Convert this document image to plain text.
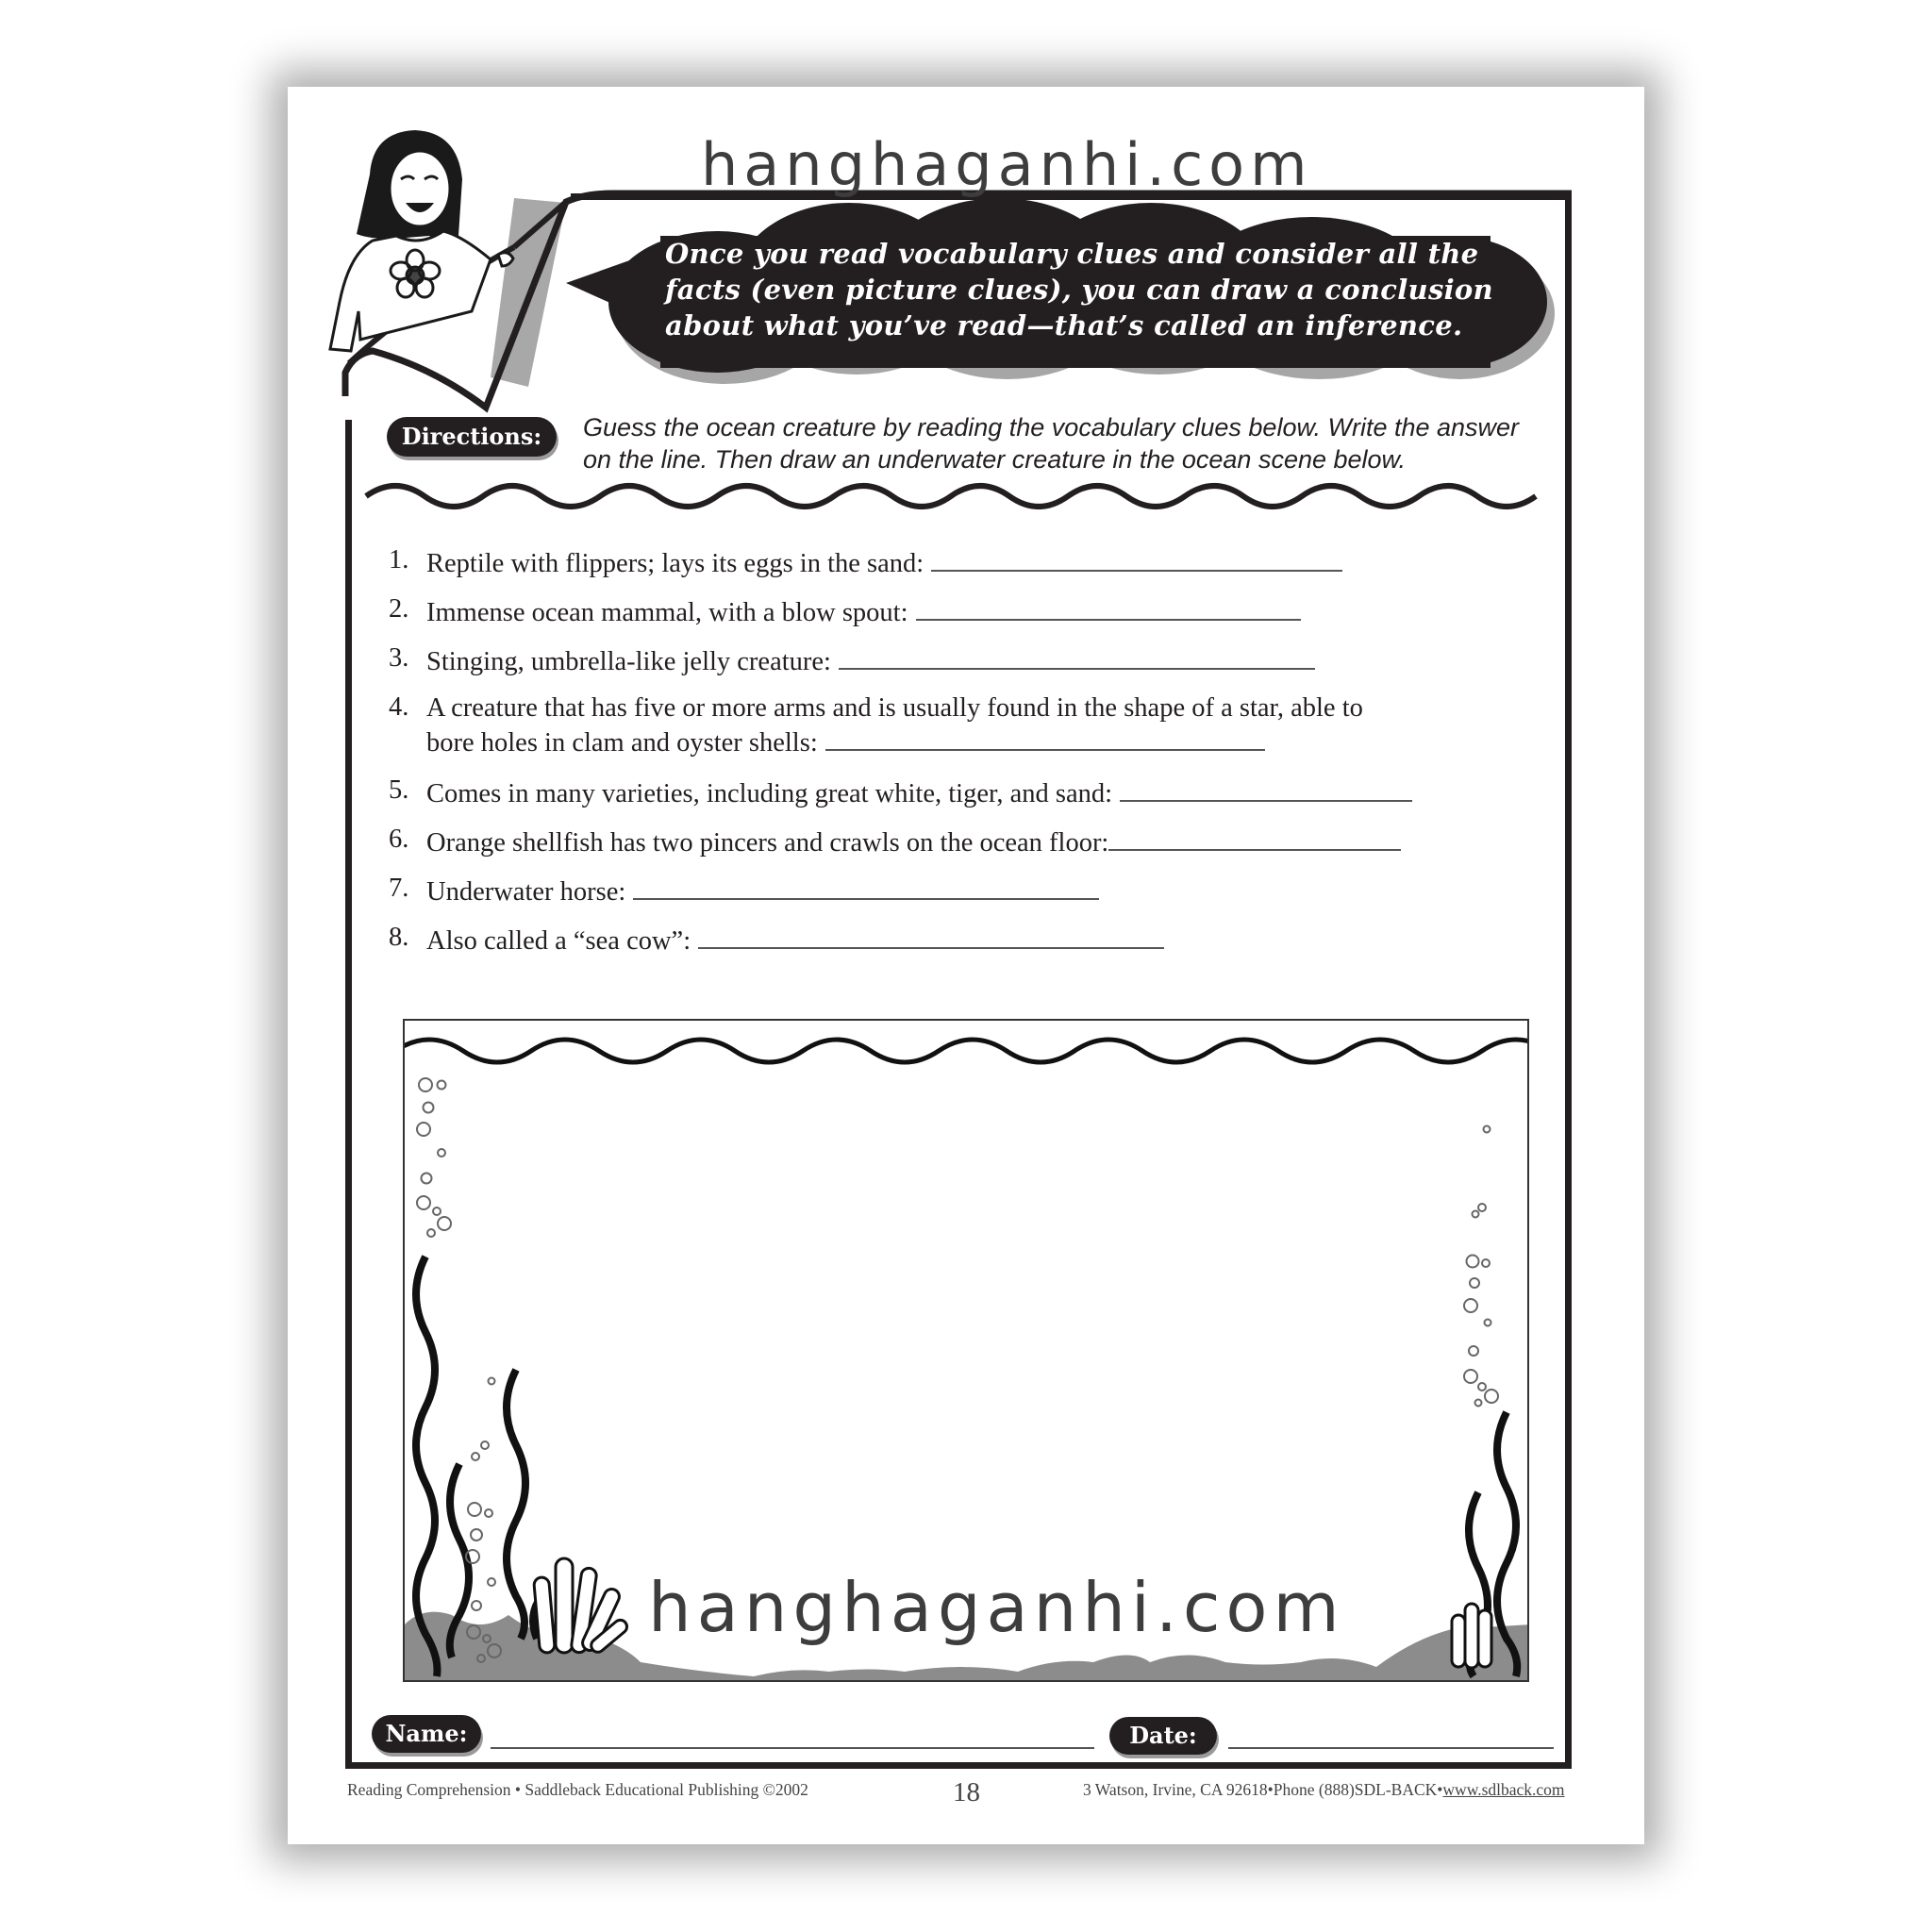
Once you read vocabulary clues and consider all the
facts (even picture clues), you can draw a conclusion
about what you’ve read—that’s called an inference.
hanghaganhi.com
Directions:	Guess the ocean creature by reading the vocabulary clues below. Write the answer
on the line. Then draw an underwater creature in the ocean scene below.
1. Reptile with flippers; lays its eggs in the sand:
2. Immense ocean mammal, with a blow spout:
3. Stinging, umbrella-like jelly creature:
4. A creature that has five or more arms and is usually found in the shape of a star, able to
bore holes in clam and oyster shells:
5. Comes in many varieties, including great white, tiger, and sand:
6. Orange shellfish has two pincers and crawls on the ocean floor:
7. Underwater horse:
8. Also called a “sea cow”:
hanghaganhi.com
Name:	Date:
Reading Comprehension • Saddleback Educational Publishing ©2002	18	3 Watson, Irvine, CA 92618•Phone (888)SDL-BACK•www.sdlback.com
